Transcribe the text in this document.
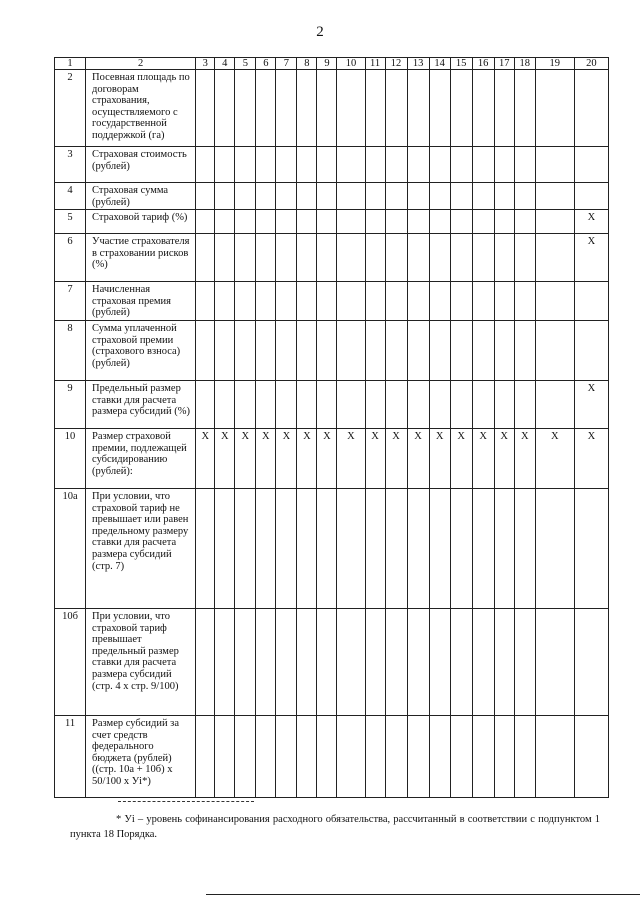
2
1	2	3	4	5	6	7	8	9	10	11	12	13	14	15	16	17	18	19	20
2	Посевная площадь по договорам страхования, осуществляемого с государственной поддержкой (га)																		
3	Страховая стоимость (рублей)																		
4	Страховая сумма (рублей)																		
5	Страховой тариф (%)																		X
6	Участие страхователя в страховании рисков (%)																		X
7	Начисленная страховая премия (рублей)																		
8	Сумма уплаченной страховой премии (страхового взноса) (рублей)																		
9	Предельный размер ставки для расчета размера субсидий (%)																		X
10	Размер страховой премии, подлежащей субсидированию (рублей):	X	X	X	X	X	X	X	X	X	X	X	X	X	X	X	X	X	X
10а	При условии, что страховой тариф не превышает или равен предельному размеру ставки для расчета размера субсидий (стр. 7)																		
10б	При условии, что страховой тариф превышает предельный размер ставки для расчета размера субсидий (стр. 4 x стр. 9/100)																		
11	Размер субсидий за счет средств федерального бюджета (рублей) ((стр. 10а + 10б) x 50/100 x Уi*)																		
* Уi – уровень софинансирования расходного обязательства, рассчитанный в соответствии с подпунктом 1 пункта 18 Порядка.
